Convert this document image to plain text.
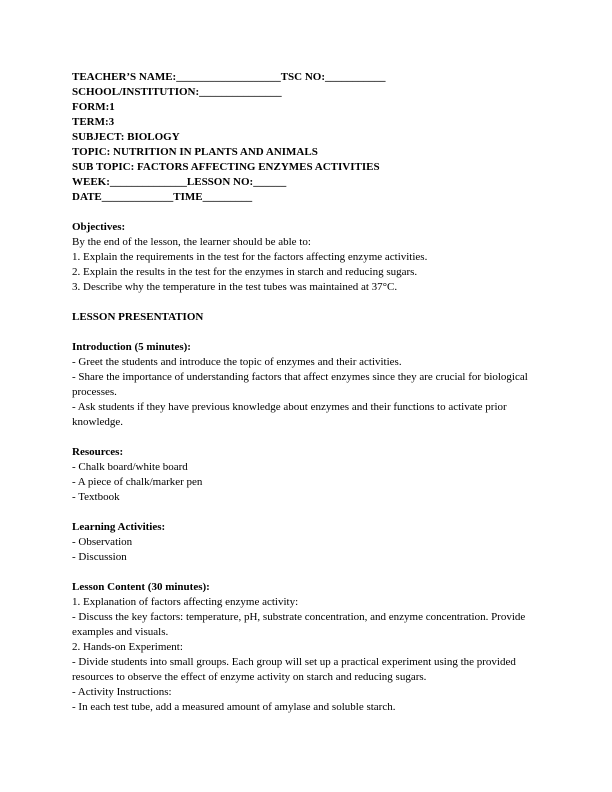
TEACHER’S NAME:___________________TSC NO:___________
SCHOOL/INSTITUTION:_______________
FORM:1
TERM:3
SUBJECT: BIOLOGY
TOPIC: NUTRITION IN PLANTS AND ANIMALS
SUB TOPIC: FACTORS AFFECTING ENZYMES ACTIVITIES
WEEK:______________LESSON NO:______
DATE_____________TIME_________
Objectives:
By the end of the lesson, the learner should be able to:
1. Explain the requirements in the test for the factors affecting enzyme activities.
2. Explain the results in the test for the enzymes in starch and reducing sugars.
3. Describe why the temperature in the test tubes was maintained at 37°C.
LESSON PRESENTATION
Introduction (5 minutes):
- Greet the students and introduce the topic of enzymes and their activities.
- Share the importance of understanding factors that affect enzymes since they are crucial for biological processes.
- Ask students if they have previous knowledge about enzymes and their functions to activate prior knowledge.
Resources:
- Chalk board/white board
- A piece of chalk/marker pen
- Textbook
Learning Activities:
- Observation
- Discussion
Lesson Content (30 minutes):
1. Explanation of factors affecting enzyme activity:
- Discuss the key factors: temperature, pH, substrate concentration, and enzyme concentration. Provide examples and visuals.
2. Hands-on Experiment:
- Divide students into small groups. Each group will set up a practical experiment using the provided resources to observe the effect of enzyme activity on starch and reducing sugars.
- Activity Instructions:
- In each test tube, add a measured amount of amylase and soluble starch.
